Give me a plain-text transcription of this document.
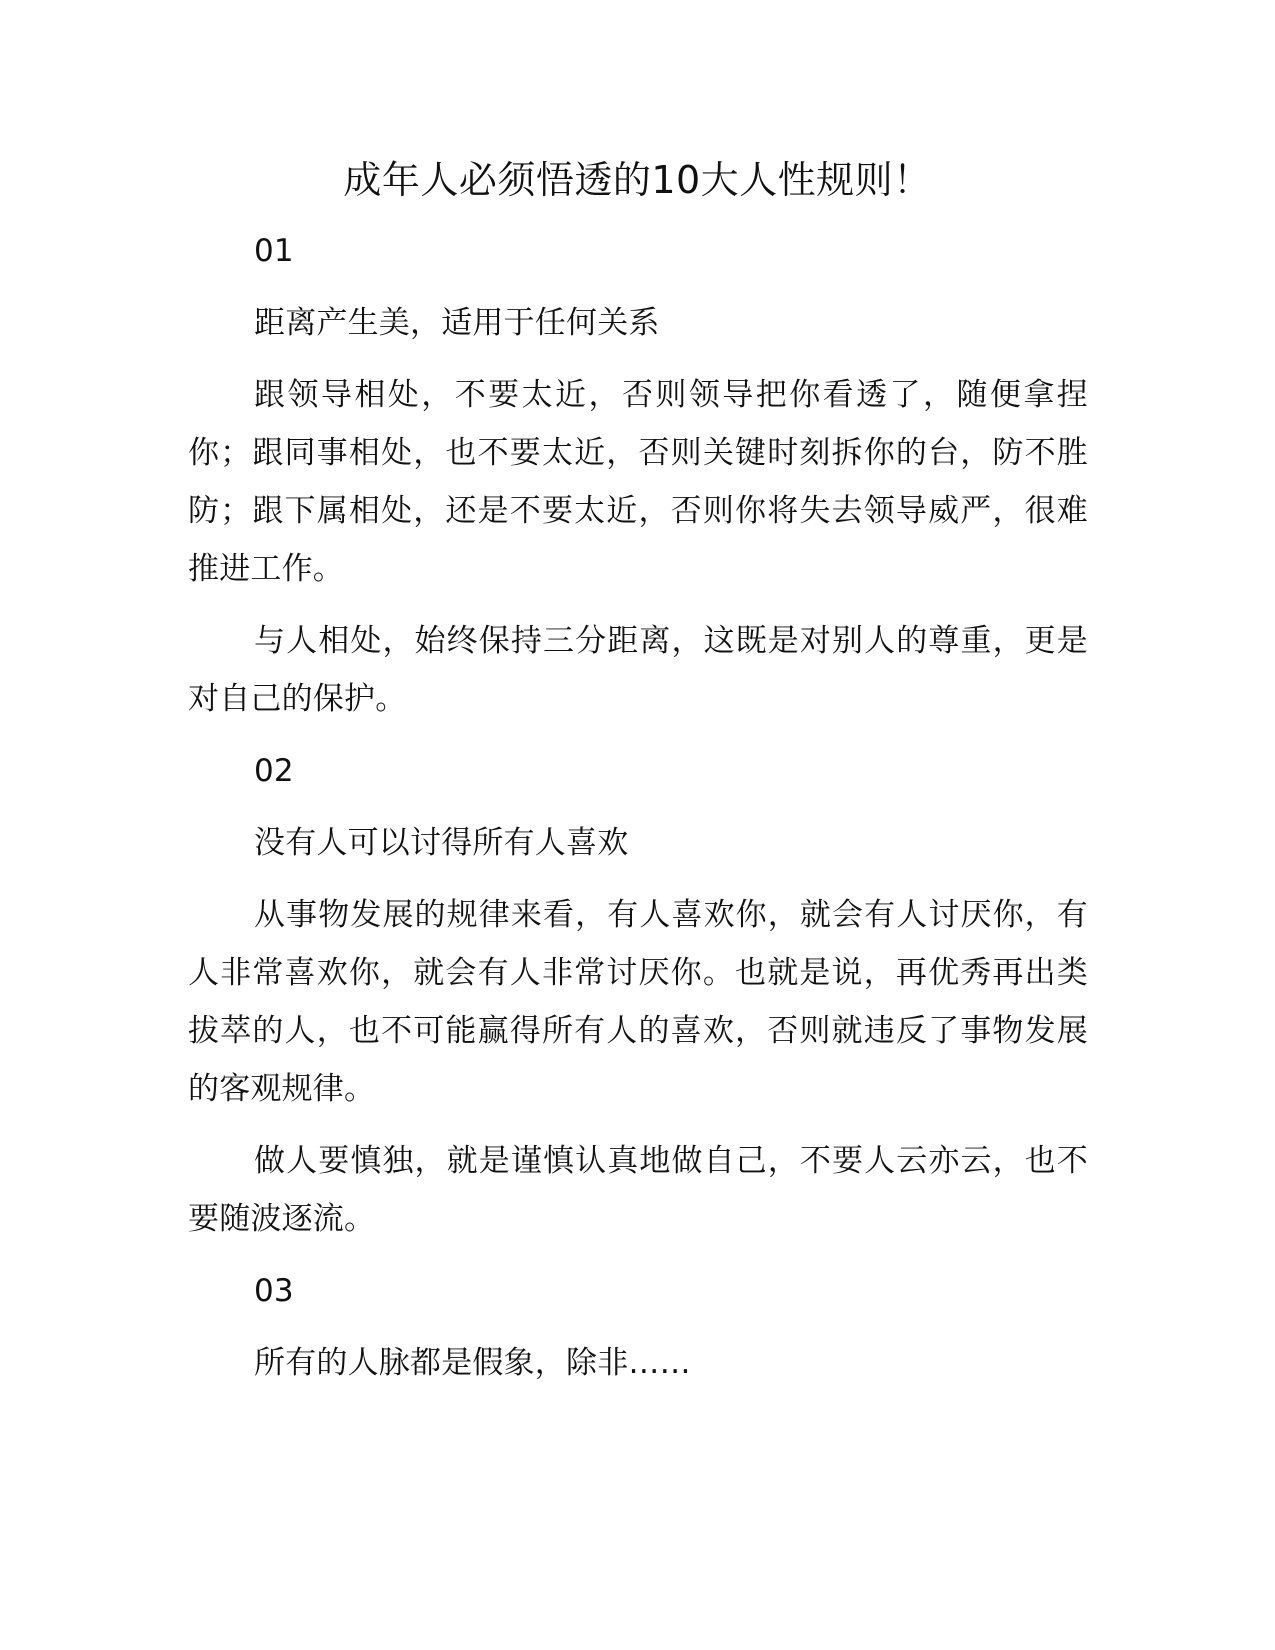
成年人必须悟透的10大人性规则！

01

距离产生美，适用于任何关系

跟领导相处，不要太近，否则领导把你看透了，随便拿捏你；跟同事相处，也不要太近，否则关键时刻拆你的台，防不胜防；跟下属相处，还是不要太近，否则你将失去领导威严，很难推进工作。

与人相处，始终保持三分距离，这既是对别人的尊重，更是对自己的保护。

02

没有人可以讨得所有人喜欢

从事物发展的规律来看，有人喜欢你，就会有人讨厌你，有人非常喜欢你，就会有人非常讨厌你。也就是说，再优秀再出类拔萃的人，也不可能赢得所有人的喜欢，否则就违反了事物发展的客观规律。

做人要慎独，就是谨慎认真地做自己，不要人云亦云，也不要随波逐流。

03

所有的人脉都是假象，除非……
